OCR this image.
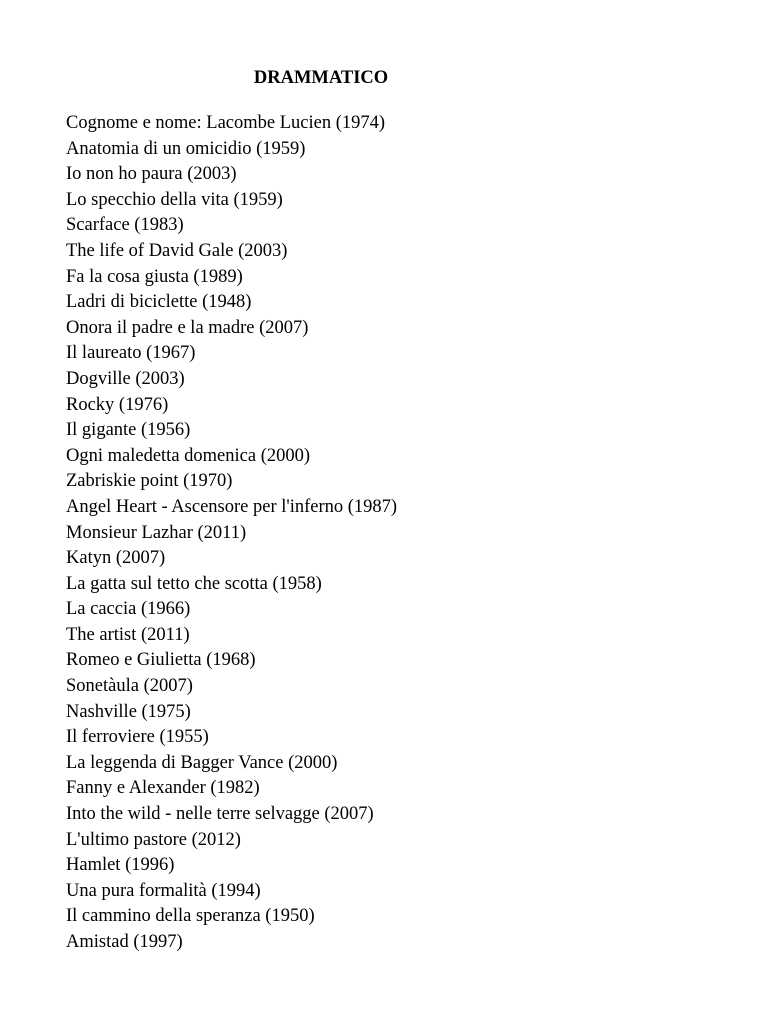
DRAMMATICO
Cognome e nome: Lacombe Lucien (1974)
Anatomia di un omicidio (1959)
Io non ho paura (2003)
Lo specchio della vita (1959)
Scarface (1983)
The life of David Gale (2003)
Fa la cosa giusta (1989)
Ladri di biciclette (1948)
Onora il padre e la madre (2007)
Il laureato (1967)
Dogville (2003)
Rocky (1976)
Il gigante (1956)
Ogni maledetta domenica (2000)
Zabriskie point (1970)
Angel Heart - Ascensore per l'inferno (1987)
Monsieur Lazhar (2011)
Katyn (2007)
La gatta sul tetto che scotta (1958)
La caccia (1966)
The artist (2011)
Romeo e Giulietta (1968)
Sonetàula (2007)
Nashville (1975)
Il ferroviere (1955)
La leggenda di Bagger Vance (2000)
Fanny e Alexander (1982)
Into the wild - nelle terre selvagge (2007)
L'ultimo pastore (2012)
Hamlet (1996)
Una pura formalità (1994)
Il cammino della speranza (1950)
Amistad (1997)
